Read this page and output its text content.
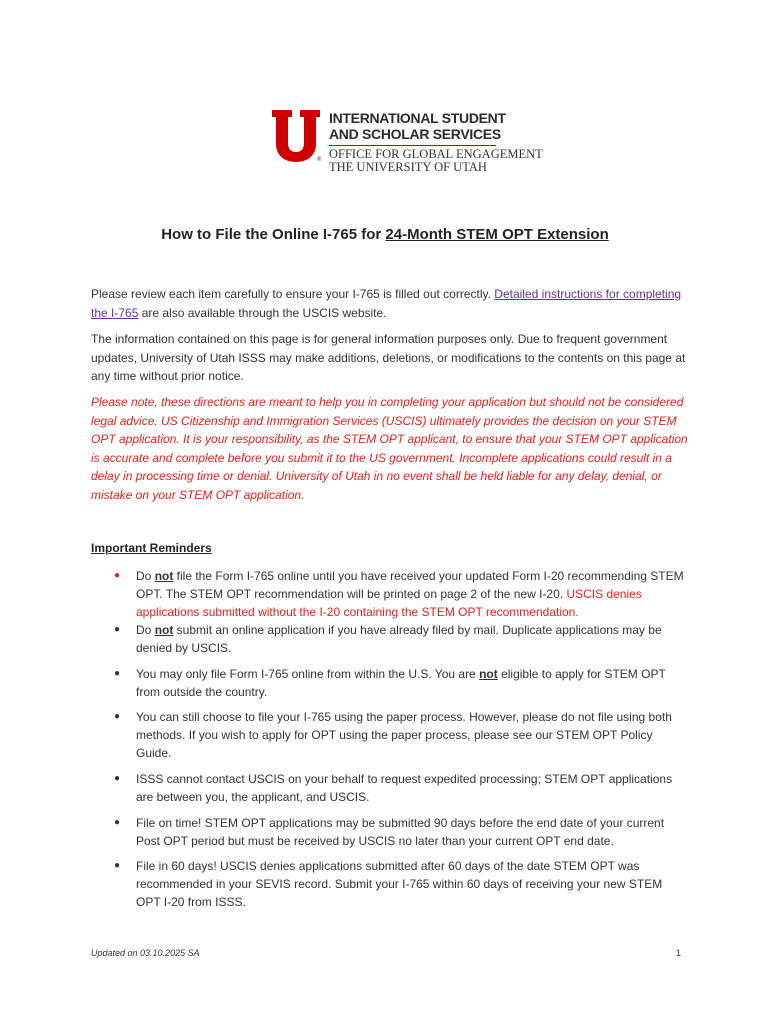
®
INTERNATIONAL STUDENT
AND SCHOLAR SERVICES
OFFICE FOR GLOBAL ENGAGEMENT
THE UNIVERSITY OF UTAH
How to File the Online I-765 for 24-Month STEM OPT Extension
Please review each item carefully to ensure your I-765 is filled out correctly. Detailed instructions for completing the I-765 are also available through the USCIS website.
The information contained on this page is for general information purposes only. Due to frequent government updates, University of Utah ISSS may make additions, deletions, or modifications to the contents on this page at any time without prior notice.
Please note, these directions are meant to help you in completing your application but should not be considered legal advice. US Citizenship and Immigration Services (USCIS) ultimately provides the decision on your STEM OPT application. It is your responsibility, as the STEM OPT applicant, to ensure that your STEM OPT application is accurate and complete before you submit it to the US government. Incomplete applications could result in a delay in processing time or denial. University of Utah in no event shall be held liable for any delay, denial, or mistake on your STEM OPT application.
Important Reminders
● Do not file the Form I-765 online until you have received your updated Form I-20 recommending STEM OPT. The STEM OPT recommendation will be printed on page 2 of the new I-20. USCIS denies applications submitted without the I-20 containing the STEM OPT recommendation.
● Do not submit an online application if you have already filed by mail. Duplicate applications may be denied by USCIS.
● You may only file Form I-765 online from within the U.S. You are not eligible to apply for STEM OPT from outside the country.
● You can still choose to file your I-765 using the paper process. However, please do not file using both methods. If you wish to apply for OPT using the paper process, please see our STEM OPT Policy Guide.
● ISSS cannot contact USCIS on your behalf to request expedited processing; STEM OPT applications are between you, the applicant, and USCIS.
● File on time! STEM OPT applications may be submitted 90 days before the end date of your current Post OPT period but must be received by USCIS no later than your current OPT end date.
● File in 60 days! USCIS denies applications submitted after 60 days of the date STEM OPT was recommended in your SEVIS record. Submit your I-765 within 60 days of receiving your new STEM OPT I-20 from ISSS.
Updated on 03.10.2025 SA	1
